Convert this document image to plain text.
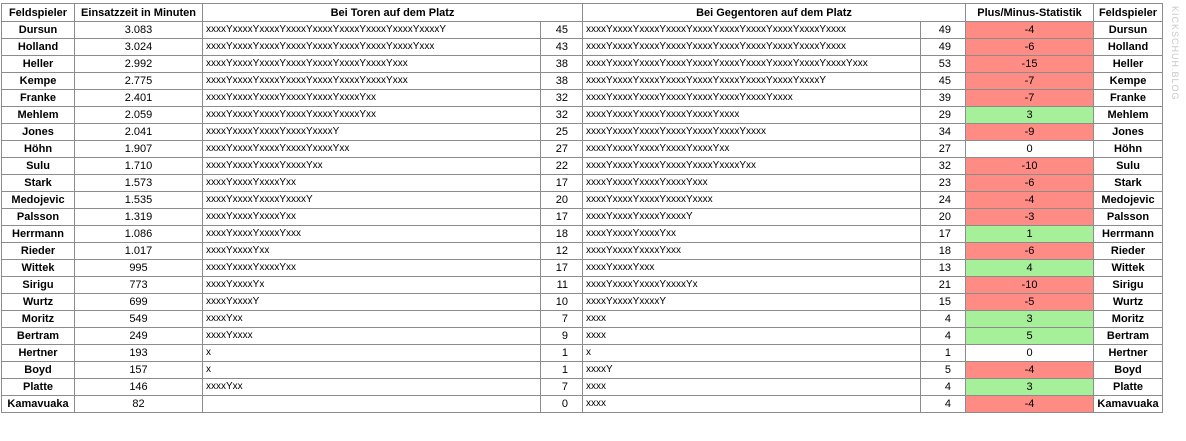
Feldspieler	Einsatzzeit in Minuten	Bei Toren auf dem Platz		Bei Gegentoren auf dem Platz		Plus/Minus-Statistik	Feldspieler
Dursun	3.083	xxxxYxxxxYxxxxYxxxxYxxxxYxxxxYxxxxYxxxxYxxxxY	45	xxxxYxxxxYxxxxYxxxxYxxxxYxxxxYxxxxYxxxxYxxxxYxxxx	49	-4	Dursun
Holland	3.024	xxxxYxxxxYxxxxYxxxxYxxxxYxxxxYxxxxYxxxxYxxx	43	xxxxYxxxxYxxxxYxxxxYxxxxYxxxxYxxxxYxxxxYxxxxYxxxx	49	-6	Holland
Heller	2.992	xxxxYxxxxYxxxxYxxxxYxxxxYxxxxYxxxxYxxx	38	xxxxYxxxxYxxxxYxxxxYxxxxYxxxxYxxxxYxxxxYxxxxYxxxxYxxx	53	-15	Heller
Kempe	2.775	xxxxYxxxxYxxxxYxxxxYxxxxYxxxxYxxxxYxxx	38	xxxxYxxxxYxxxxYxxxxYxxxxYxxxxYxxxxYxxxxYxxxxY	45	-7	Kempe
Franke	2.401	xxxxYxxxxYxxxxYxxxxYxxxxYxxxxYxx	32	xxxxYxxxxYxxxxYxxxxYxxxxYxxxxYxxxxYxxxx	39	-7	Franke
Mehlem	2.059	xxxxYxxxxYxxxxYxxxxYxxxxYxxxxYxx	32	xxxxYxxxxYxxxxYxxxxYxxxxYxxxx	29	3	Mehlem
Jones	2.041	xxxxYxxxxYxxxxYxxxxYxxxxY	25	xxxxYxxxxYxxxxYxxxxYxxxxYxxxxYxxxx	34	-9	Jones
Höhn	1.907	xxxxYxxxxYxxxxYxxxxYxxxxYxx	27	xxxxYxxxxYxxxxYxxxxYxxxxYxx	27	0	Höhn
Sulu	1.710	xxxxYxxxxYxxxxYxxxxYxx	22	xxxxYxxxxYxxxxYxxxxYxxxxYxxxxYxx	32	-10	Sulu
Stark	1.573	xxxxYxxxxYxxxxYxx	17	xxxxYxxxxYxxxxYxxxxYxxx	23	-6	Stark
Medojevic	1.535	xxxxYxxxxYxxxxYxxxxY	20	xxxxYxxxxYxxxxYxxxxYxxxx	24	-4	Medojevic
Palsson	1.319	xxxxYxxxxYxxxxYxx	17	xxxxYxxxxYxxxxYxxxxY	20	-3	Palsson
Herrmann	1.086	xxxxYxxxxYxxxxYxxx	18	xxxxYxxxxYxxxxYxx	17	1	Herrmann
Rieder	1.017	xxxxYxxxxYxx	12	xxxxYxxxxYxxxxYxxx	18	-6	Rieder
Wittek	995	xxxxYxxxxYxxxxYxx	17	xxxxYxxxxYxxx	13	4	Wittek
Sirigu	773	xxxxYxxxxYx	11	xxxxYxxxxYxxxxYxxxxYx	21	-10	Sirigu
Wurtz	699	xxxxYxxxxY	10	xxxxYxxxxYxxxxY	15	-5	Wurtz
Moritz	549	xxxxYxx	7	xxxx	4	3	Moritz
Bertram	249	xxxxYxxxx	9	xxxx	4	5	Bertram
Hertner	193	x	1	x	1	0	Hertner
Boyd	157	x	1	xxxxY	5	-4	Boyd
Platte	146	xxxxYxx	7	xxxx	4	3	Platte
Kamavuaka	82		0	xxxx	4	-4	Kamavuaka
KICKSCHUH.BLOG
